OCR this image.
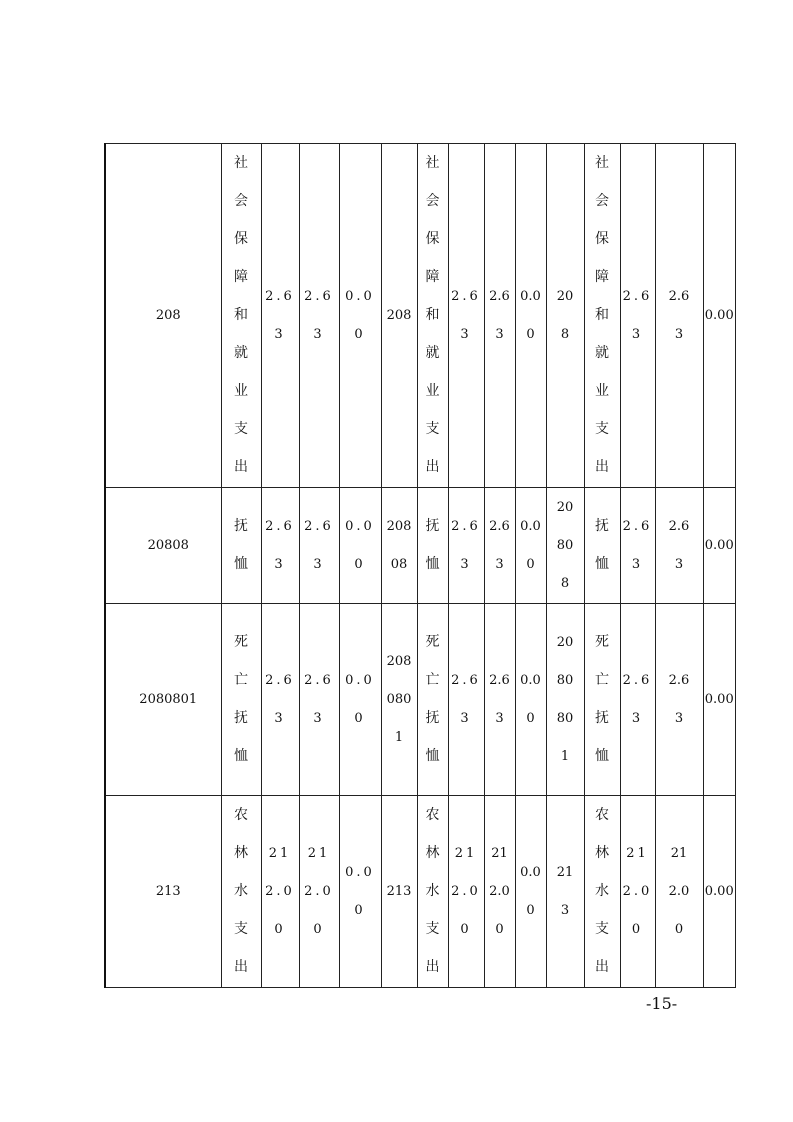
208	社会保障和就业支出	2.63	2.63	0.00	208	社会保障和就业支出	2.63	2.63	0.00	208	社会保障和就业支出	2.63	2.63	0.00
20808	抚恤	2.63	2.63	0.00	20808	抚恤	2.63	2.63	0.00	20808	抚恤	2.63	2.63	0.00
2080801	死亡抚恤	2.63	2.63	0.00	2080801	死亡抚恤	2.63	2.63	0.00	2080801	死亡抚恤	2.63	2.63	0.00
213	农林水支出	212.00	212.00	0.00	213	农林水支出	212.00	212.00	0.00	213	农林水支出	212.00	212.00	0.00
-15-
